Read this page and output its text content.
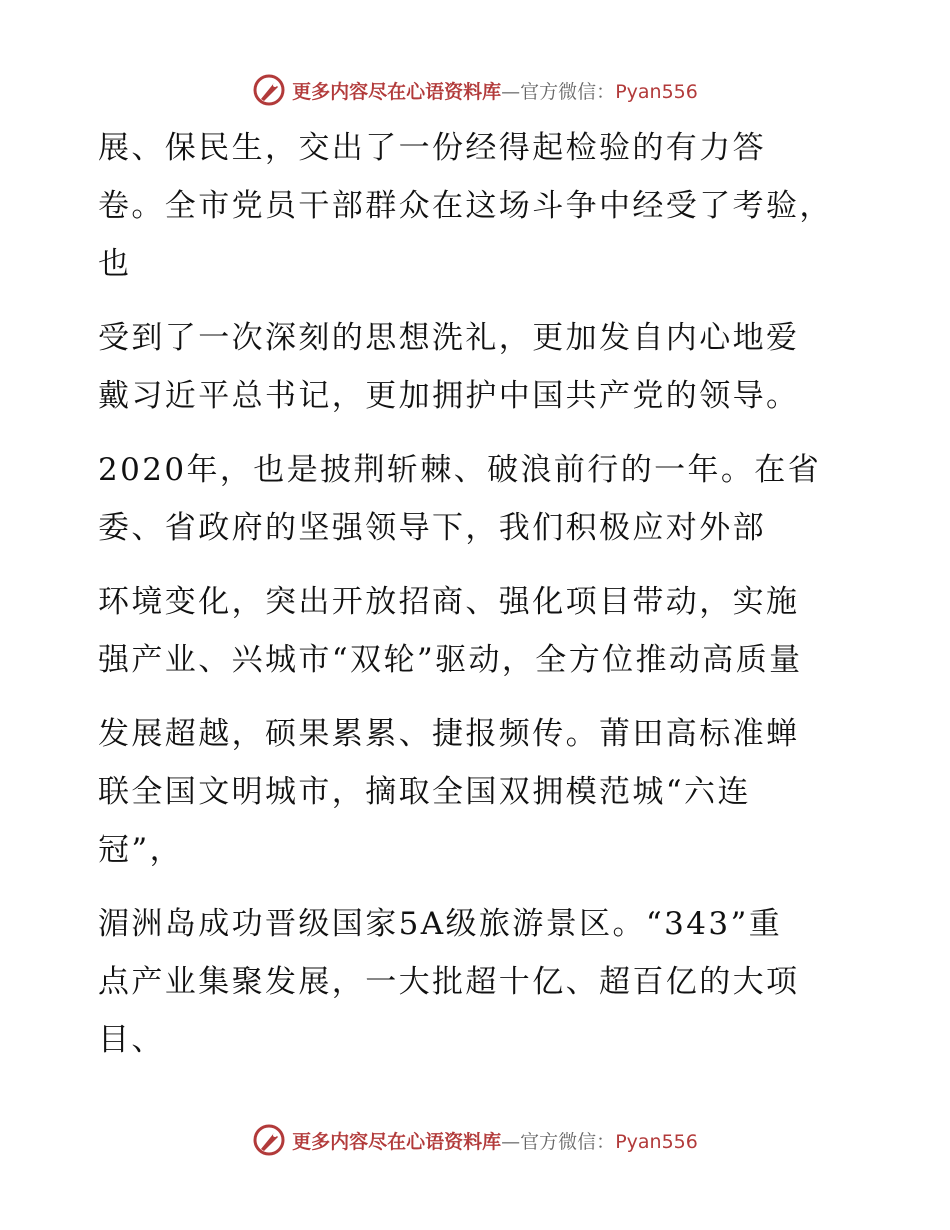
更多内容尽在心语资料库—官方微信：Pyan556
展、保民生，交出了一份经得起检验的有力答
卷。全市党员干部群众在这场斗争中经受了考验，
也
受到了一次深刻的思想洗礼，更加发自内心地爱
戴习近平总书记，更加拥护中国共产党的领导。
2020年，也是披荆斩棘、破浪前行的一年。在省
委、省政府的坚强领导下，我们积极应对外部
环境变化，突出开放招商、强化项目带动，实施
强产业、兴城市“双轮”驱动，全方位推动高质量
发展超越，硕果累累、捷报频传。莆田高标准蝉
联全国文明城市，摘取全国双拥模范城“六连
冠”，
湄洲岛成功晋级国家5A级旅游景区。“343”重
点产业集聚发展，一大批超十亿、超百亿的大项
目、
更多内容尽在心语资料库—官方微信：Pyan556
